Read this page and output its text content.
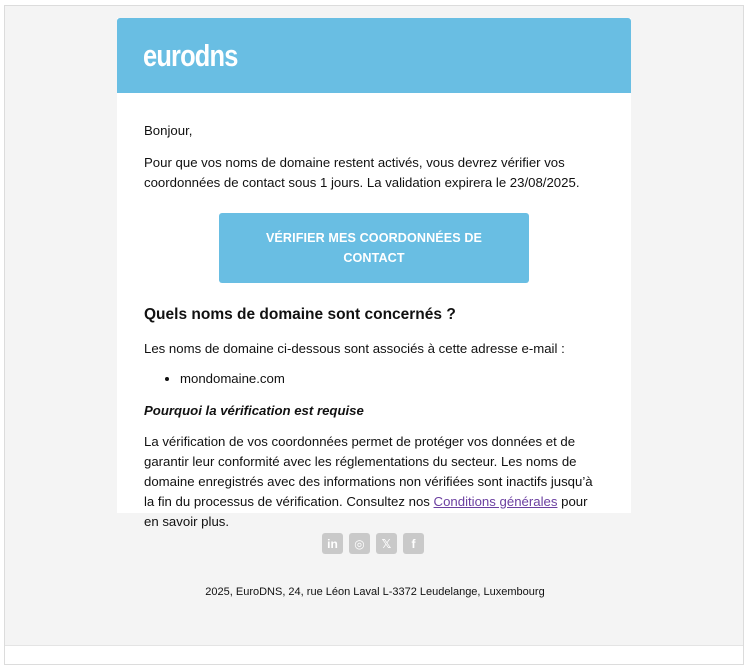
eurodns

Bonjour,

Pour que vos noms de domaine restent activés, vous devrez vérifier vos coordonnées de contact sous 1 jours. La validation expirera le 23/08/2025.

VÉRIFIER MES COORDONNÉES DE CONTACT
Quels noms de domaine sont concernés ?

Les noms de domaine ci-dessous sont associés à cette adresse e-mail :

• mondomaine.com

Pourquoi la vérification est requise

La vérification de vos coordonnées permet de protéger vos données et de garantir leur conformité avec les réglementations du secteur. Les noms de domaine enregistrés avec des informations non vérifiées sont inactifs jusqu’à la fin du processus de vérification. Consultez nos Conditions générales pour en savoir plus.

in	◎	𝕏	f
2025, EuroDNS, 24, rue Léon Laval L-3372 Leudelange, Luxembourg
